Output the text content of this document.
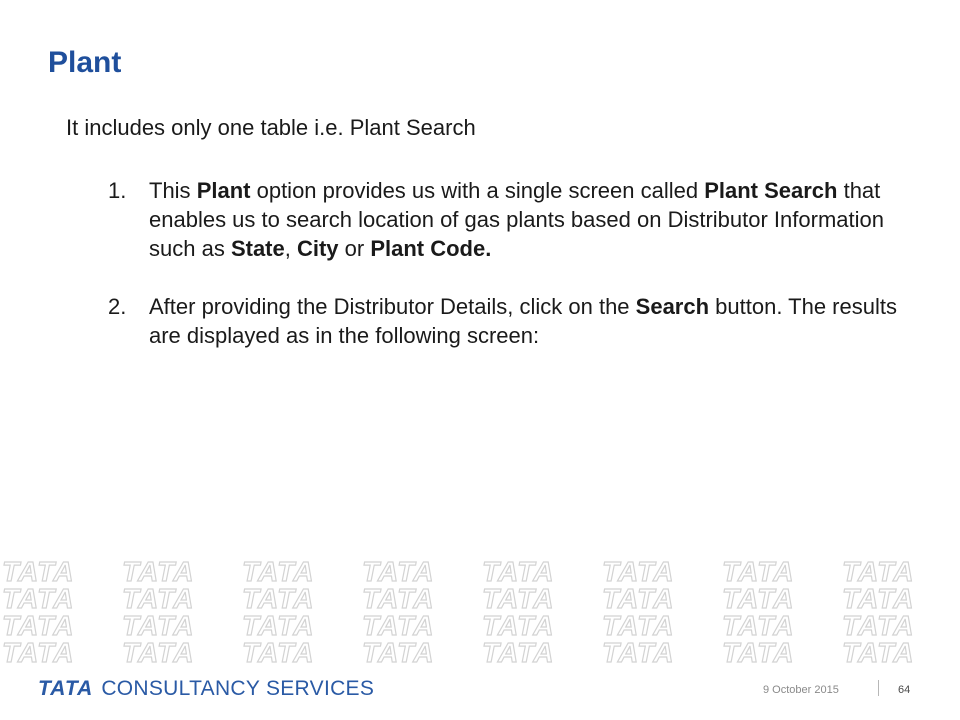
Plant

It includes only one table i.e. Plant Search

1. This Plant option provides us with a single screen called Plant Search that enables us to search location of gas plants based on Distributor Information such as State, City or Plant Code.
2. After providing the Distributor Details, click on the Search button. The results are displayed as in the following screen:
TATA CONSULTANCY SERVICES	9 October 2015	64
